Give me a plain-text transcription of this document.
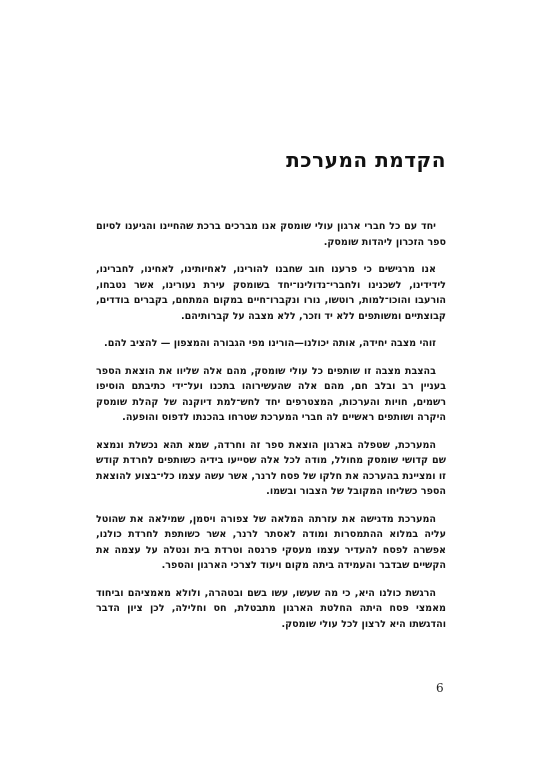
הקדמת המערכת

יחד עם כל חברי ארגון עולי שומסק אנו מברכים ברכת שהחיינו והגיענו לסיום ספר הזכרון ליהדות שומסק.

אנו מרגישים כי פרענו חוב שחבנו להורינו, לאחיותינו, לאחינו, לחברינו, לידידינו, לשכנינו ולחברי־נדולינו־יחד בשומסק עירת נעורינו, אשר נטבחו, הורעבו והוכו־למות, רוטשו, נורו ונקברו־חיים במקום המתחם, בקברים בודדים, קבוצתיים ומשותפים ללא יד וזכר, ללא מצבה על קברותיהם.

זוהי מצבה יחידה, אותה יכולנו—הורינו מפי הגבורה והמצפון — להציב להם.

בהצבת מצבה זו שותפים כל עולי שומסק, מהם אלה שליוו את הוצאת הספר בעניין רב ובלב חם, מהם אלה שהעשירוהו בתכנו ועל־ידי כתיבתם הוסיפו רשמים, חויות והערכות, המצטרפים יחד לחש־למת דיוקנה של קהלת שומסק היקרה ושותפים ראשיים לה חברי המערכת שטרחו בהכנתו לדפוס והופעה.

המערכת, שטפלה בארגון הוצאת ספר זה וחרדה, שמא תהא נכשלת ונמצא שם קדושי שומסק מחולל, מודה לכל אלה שסייעו בידיה כשותפים לחרדת קודש זו ומציינת בהערכה את חלקו של פסח לרנר, אשר עשה עצמו כלי־בצוע להוצאת הספר כשליחו המקובל של הצבור ובשמו.

המערכת מדגישה את עזרתה המלאה של צפורה ויסמן, שמילאה את שהוטל עליה במלוא ההתמסרות ומודה לאסתר לרנר, אשר כשותפת לחרדת כולנו, אפשרה לפסח להעדיר עצמו מעסקי פרנסה וטרדת בית ונטלה על עצמה את הקשיים שבדבר והעמידה ביתה מקום ויעוד לצרכי הארגון והספר.

הרגשת כולנו היא, כי מה שעשו, עשו בשם ובטהרה, ולולא מאמציהם וביחוד מאמצי פסח היתה החלטת הארגון מתבטלת, חס וחלילה, לכן ציון הדבר והדגשתו היא לרצון לכל עולי שומסק.

6
